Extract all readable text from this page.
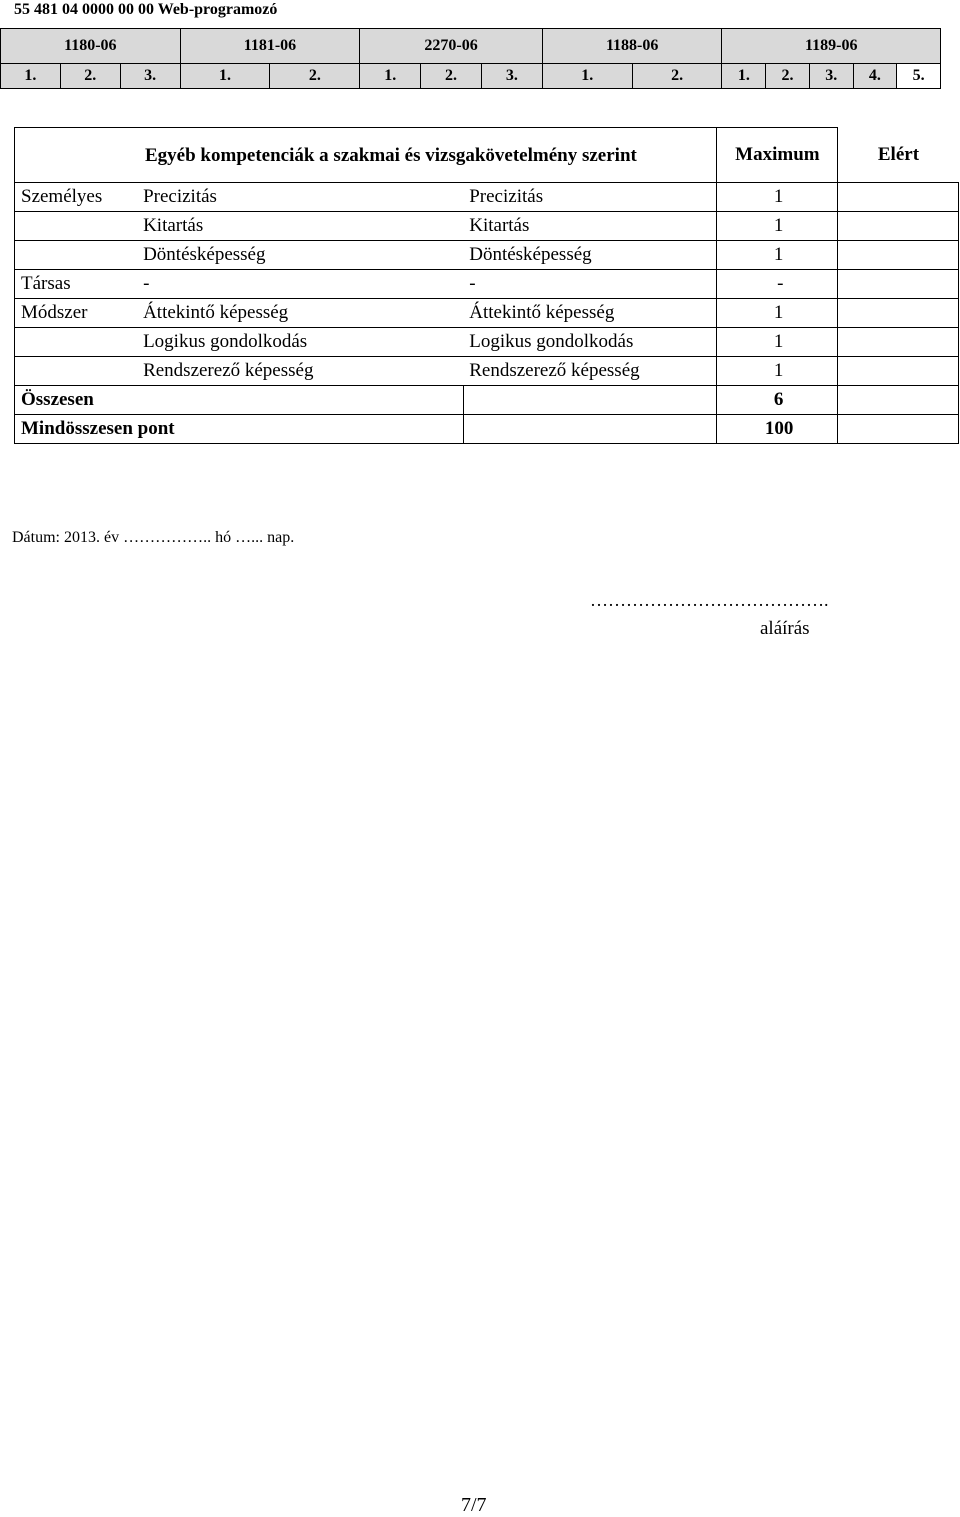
55 481 04 0000 00 00 Web-programozó
1180-06			1181-06		2270-06			1188-06		1189-06				
1.	2.	3.	1.	2.	1.	2.	3.	1.	2.	1.	2.	3.	4.	5.
Egyéb kompetenciák a szakmai és vizsgakövetelmény szerint			Maximum	Elért
Személyes	Precizitás	Precizitás	1	
	Kitartás	Kitartás	1	
	Döntésképesség	Döntésképesség	1	
Társas	-	-	-	
Módszer	Áttekintő képesség	Áttekintő képesség	1	
	Logikus gondolkodás	Logikus gondolkodás	1	
	Rendszerező képesség	Rendszerező képesség	1	
Összesen			6	
Mindösszesen pont			100	
Dátum: 2013. év …………….. hó …... nap.
………………………………….
aláírás
7/7
